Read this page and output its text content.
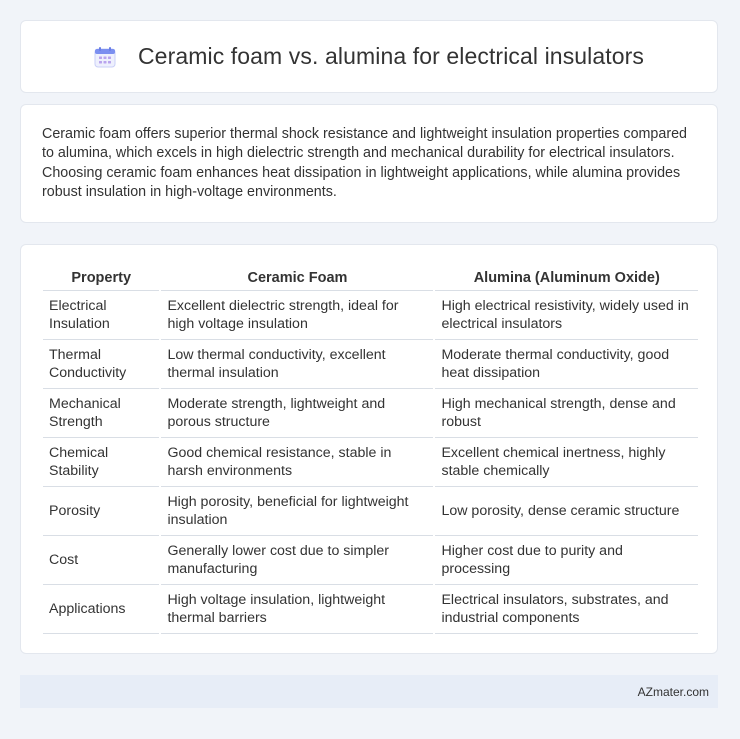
Ceramic foam vs. alumina for electrical insulators

Ceramic foam offers superior thermal shock resistance and lightweight insulation properties compared to alumina, which excels in high dielectric strength and mechanical durability for electrical insulators. Choosing ceramic foam enhances heat dissipation in lightweight applications, while alumina provides robust insulation in high-voltage environments.

Property	Ceramic Foam	Alumina (Aluminum Oxide)
Electrical Insulation	Excellent dielectric strength, ideal for high voltage insulation	High electrical resistivity, widely used in electrical insulators
Thermal Conductivity	Low thermal conductivity, excellent thermal insulation	Moderate thermal conductivity, good heat dissipation
Mechanical Strength	Moderate strength, lightweight and porous structure	High mechanical strength, dense and robust
Chemical Stability	Good chemical resistance, stable in harsh environments	Excellent chemical inertness, highly stable chemically
Porosity	High porosity, beneficial for lightweight insulation	Low porosity, dense ceramic structure
Cost	Generally lower cost due to simpler manufacturing	Higher cost due to purity and processing
Applications	High voltage insulation, lightweight thermal barriers	Electrical insulators, substrates, and industrial components
AZmater.com
